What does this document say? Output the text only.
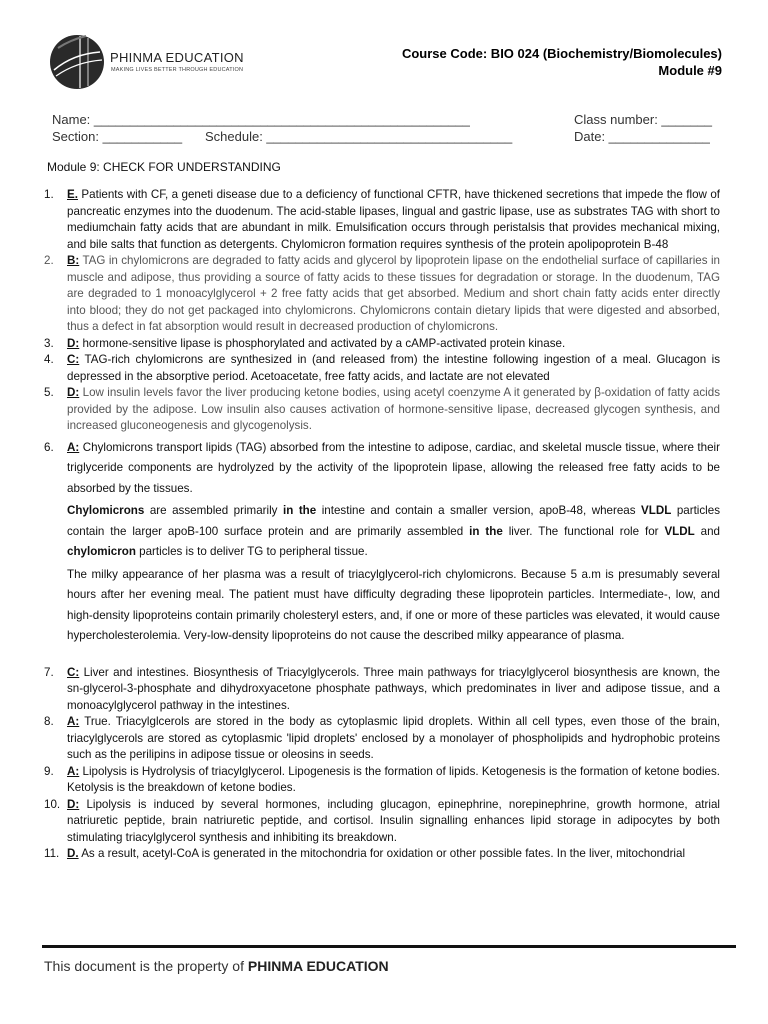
PHINMA EDUCATION
MAKING LIVES BETTER THROUGH EDUCATION
Course Code: BIO 024 (Biochemistry/Biomolecules)
Module #9
Name: ____________________________________________________	Class number: _______
Section: ___________ Schedule: __________________________________	Date: ______________
Module 9: CHECK FOR UNDERSTANDING
1. E. Patients with CF, a geneti disease due to a deficiency of functional CFTR, have thickened secretions that impede the flow of pancreatic enzymes into the duodenum. The acid-stable lipases, lingual and gastric lipase, use as substrates TAG with short to mediumchain fatty acids that are abundant in milk. Emulsification occurs through peristalsis that provides mechanical mixing, and bile salts that function as detergents. Chylomicron formation requires synthesis of the protein apolipoprotein B-48
2. B: TAG in chylomicrons are degraded to fatty acids and glycerol by lipoprotein lipase on the endothelial surface of capillaries in muscle and adipose, thus providing a source of fatty acids to these tissues for degradation or storage. In the duodenum, TAG are degraded to 1 monoacylglycerol + 2 free fatty acids that get absorbed. Medium and short chain fatty acids enter directly into blood; they do not get packaged into chylomicrons. Chylomicrons contain dietary lipids that were digested and absorbed, thus a defect in fat absorption would result in decreased production of chylomicrons.
3. D: hormone-sensitive lipase is phosphorylated and activated by a cAMP-activated protein kinase.
4. C: TAG-rich chylomicrons are synthesized in (and released from) the intestine following ingestion of a meal. Glucagon is depressed in the absorptive period. Acetoacetate, free fatty acids, and lactate are not elevated
5. D: Low insulin levels favor the liver producing ketone bodies, using acetyl coenzyme A it generated by β-oxidation of fatty acids provided by the adipose. Low insulin also causes activation of hormone-sensitive lipase, decreased glycogen synthesis, and increased gluconeogenesis and glycogenolysis.
6. A: Chylomicrons transport lipids (TAG) absorbed from the intestine to adipose, cardiac, and skeletal muscle tissue, where their triglyceride components are hydrolyzed by the activity of the lipoprotein lipase, allowing the released free fatty acids to be absorbed by the tissues.
Chylomicrons are assembled primarily in the intestine and contain a smaller version, apoB-48, whereas VLDL particles contain the larger apoB-100 surface protein and are primarily assembled in the liver. The functional role for VLDL and chylomicron particles is to deliver TG to peripheral tissue.
The milky appearance of her plasma was a result of triacylglycerol-rich chylomicrons. Because 5 a.m is presumably several hours after her evening meal. The patient must have difficulty degrading these lipoprotein particles. Intermediate-, low, and high-density lipoproteins contain primarily cholesteryl esters, and, if one or more of these particles was elevated, it would cause hypercholesterolemia. Very-low-density lipoproteins do not cause the described milky appearance of plasma.
7. C: Liver and intestines. Biosynthesis of Triacylglycerols. Three main pathways for triacylglycerol biosynthesis are known, the sn-glycerol-3-phosphate and dihydroxyacetone phosphate pathways, which predominates in liver and adipose tissue, and a monoacylglycerol pathway in the intestines.
8. A: True. Triacylglcerols are stored in the body as cytoplasmic lipid droplets. Within all cell types, even those of the brain, triacylglycerols are stored as cytoplasmic 'lipid droplets' enclosed by a monolayer of phospholipids and hydrophobic proteins such as the perilipins in adipose tissue or oleosins in seeds.
9. A: Lipolysis is Hydrolysis of triacylglycerol. Lipogenesis is the formation of lipids. Ketogenesis is the formation of ketone bodies. Ketolysis is the breakdown of ketone bodies.
10. D: Lipolysis is induced by several hormones, including glucagon, epinephrine, norepinephrine, growth hormone, atrial natriuretic peptide, brain natriuretic peptide, and cortisol. Insulin signalling enhances lipid storage in adipocytes by both stimulating triacylglycerol synthesis and inhibiting its breakdown.
11. D. As a result, acetyl-CoA is generated in the mitochondria for oxidation or other possible fates. In the liver, mitochondrial
This document is the property of PHINMA EDUCATION
